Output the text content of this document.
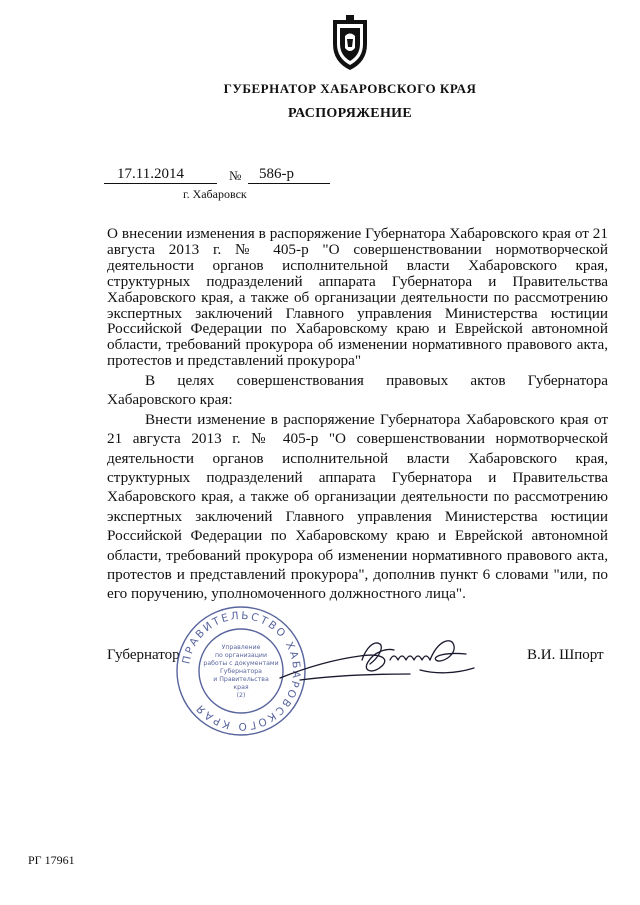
ГУБЕРНАТОР ХАБАРОВСКОГО КРАЯ
РАСПОРЯЖЕНИЕ
17.11.2014	№ 586-р
г. Хабаровск
О внесении изменения в распоряжение Губернатора Хабаровского края от 21 августа 2013 г. № 405-р "О совершенствовании нормотворческой деятельности органов исполнительной власти Хабаровского края, структурных подразделений аппарата Губернатора и Правительства Хабаровского края, а также об организации деятельности по рассмотрению экспертных заключений Главного управления Министерства юстиции Российской Федерации по Хабаровскому краю и Еврейской автономной области, требований прокурора об изменении нормативного правового акта, протестов и представлений прокурора"

В целях совершенствования правовых актов Губернатора Хабаровского края:

Внести изменение в распоряжение Губернатора Хабаровского края от 21 августа 2013 г. № 405-р "О совершенствовании нормотворческой деятельности органов исполнительной власти Хабаровского края, структурных подразделений аппарата Губернатора и Правительства Хабаровского края, а также об организации деятельности по рассмотрению экспертных заключений Главного управления Министерства юстиции Российской Федерации по Хабаровскому краю и Еврейской автономной области, требований прокурора об изменении нормативного правового акта, протестов и представлений прокурора", дополнив пункт 6 словами "или, по его поручению, уполномоченного должностного лица".

Губернатор	В.И. Шпорт
ПРАВИТЕЛЬСТВО ХАБАРОВСКОГО КРАЯ
Управление
по организации
работы с документами
Губернатора
и Правительства
края
(2)
РГ 17961
